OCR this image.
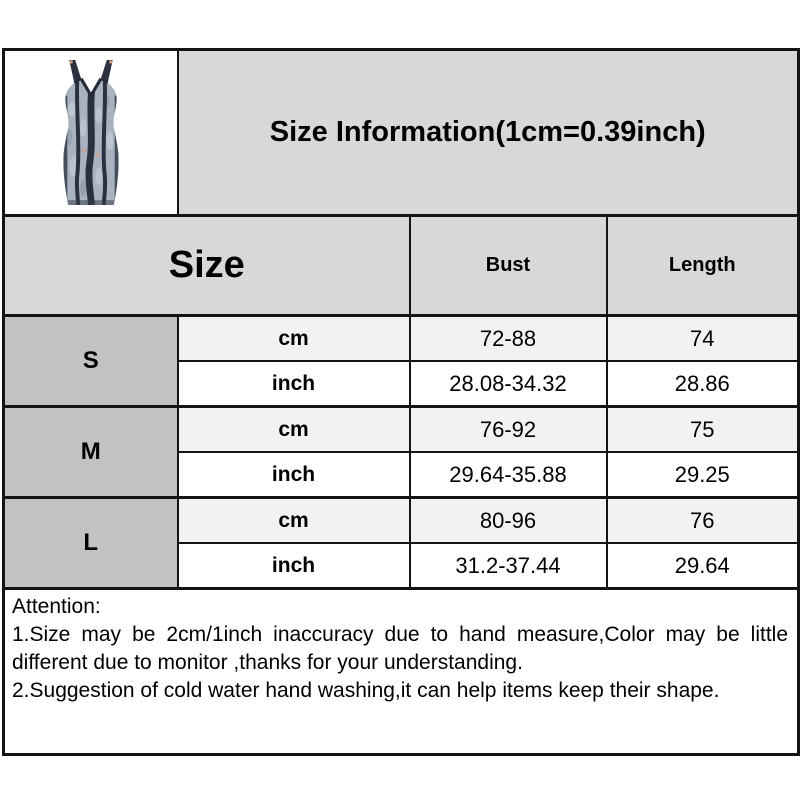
	Size Information(1cm=0.39inch)		
Size		Bust	Length
S	cm	72-88	74
	inch	28.08-34.32	28.86
M	cm	76-92	75
	inch	29.64-35.88	29.25
L	cm	80-96	76
	inch	31.2-37.44	29.64

Attention:

1.Size may be 2cm/1inch inaccuracy due to hand measure,Color may be little different due to monitor ,thanks for your understanding.

2.Suggestion of cold water hand washing,it can help items keep their shape.			
